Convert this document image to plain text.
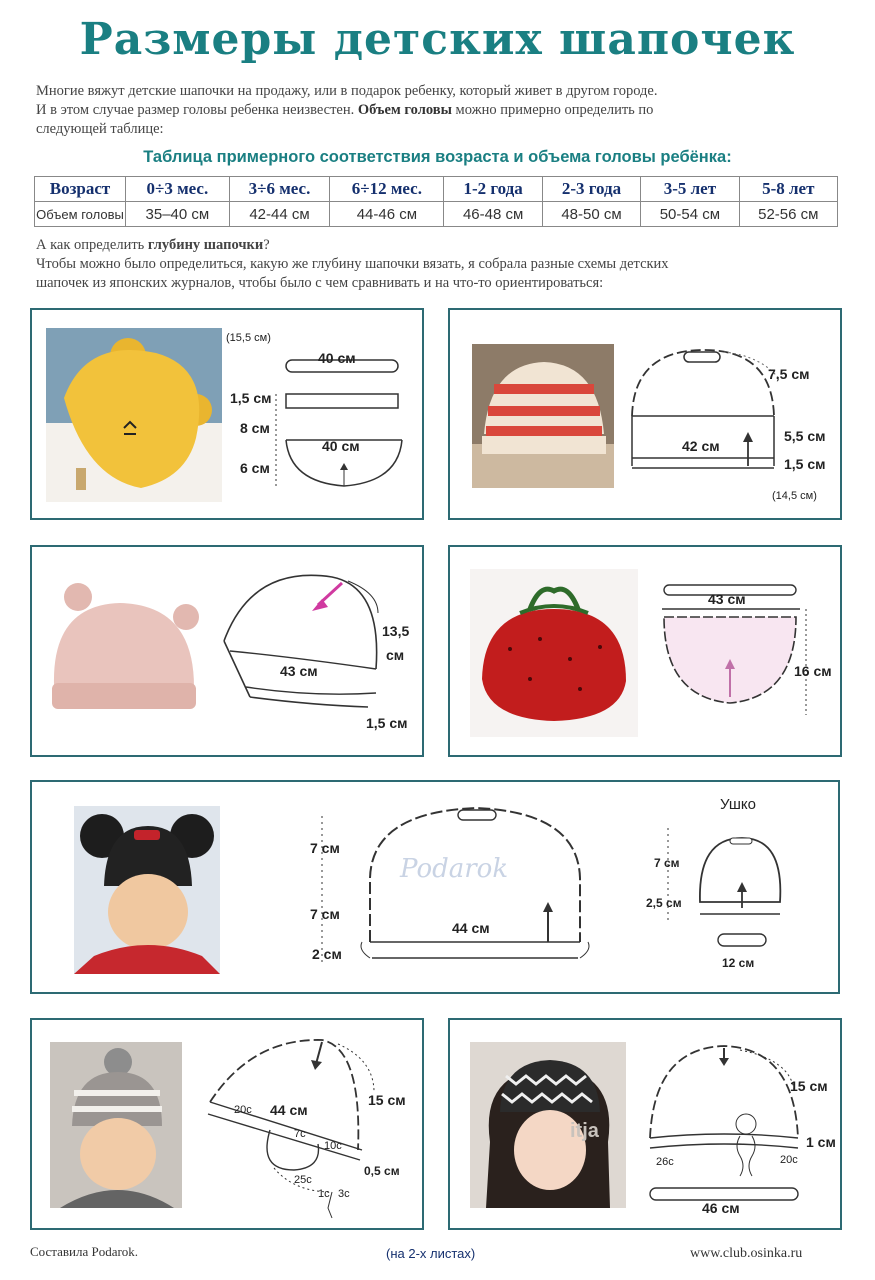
Размеры детских шапочек
Многие вяжут детские шапочки на продажу, или в подарок ребенку, который живет в другом городе.
И в этом случае размер головы ребенка неизвестен. Объем головы можно примерно определить по
следующей таблице:
Таблица примерного соответствия возраста и объема головы ребёнка:
Возраст	0÷3 мес.	3÷6 мес.	6÷12 мес.	1-2 года	2-3 года	3-5 лет	5-8 лет
Объем головы	35–40 см	42-44 см	44-46 см	46-48 см	48-50 см	50-54 см	52-56 см
А как определить глубину шапочки?
Чтобы можно было определиться, какую же глубину шапочки вязать, я собрала разные схемы детских
шапочек из японских журналов, чтобы было с чем сравнивать и на что-то ориентироваться:
(15,5 см)
40 см
40 см
1,5 см
8 см
6 см
42 см
7,5 см
5,5 см
1,5 см
(14,5 см)
43 см
13,5
см
1,5 см
43 см
16 см
7 см
7 см
2 см
44 см
Podarok
Ушко
7 см
2,5 см
12 см
44 см
15 см
0,5 см
20с
7с
10с
25с
1с 3с
itja
15 см
1 см
46 см
26с	20с
Составила Podarok.	(на 2-х листах)	www.club.osinka.ru
